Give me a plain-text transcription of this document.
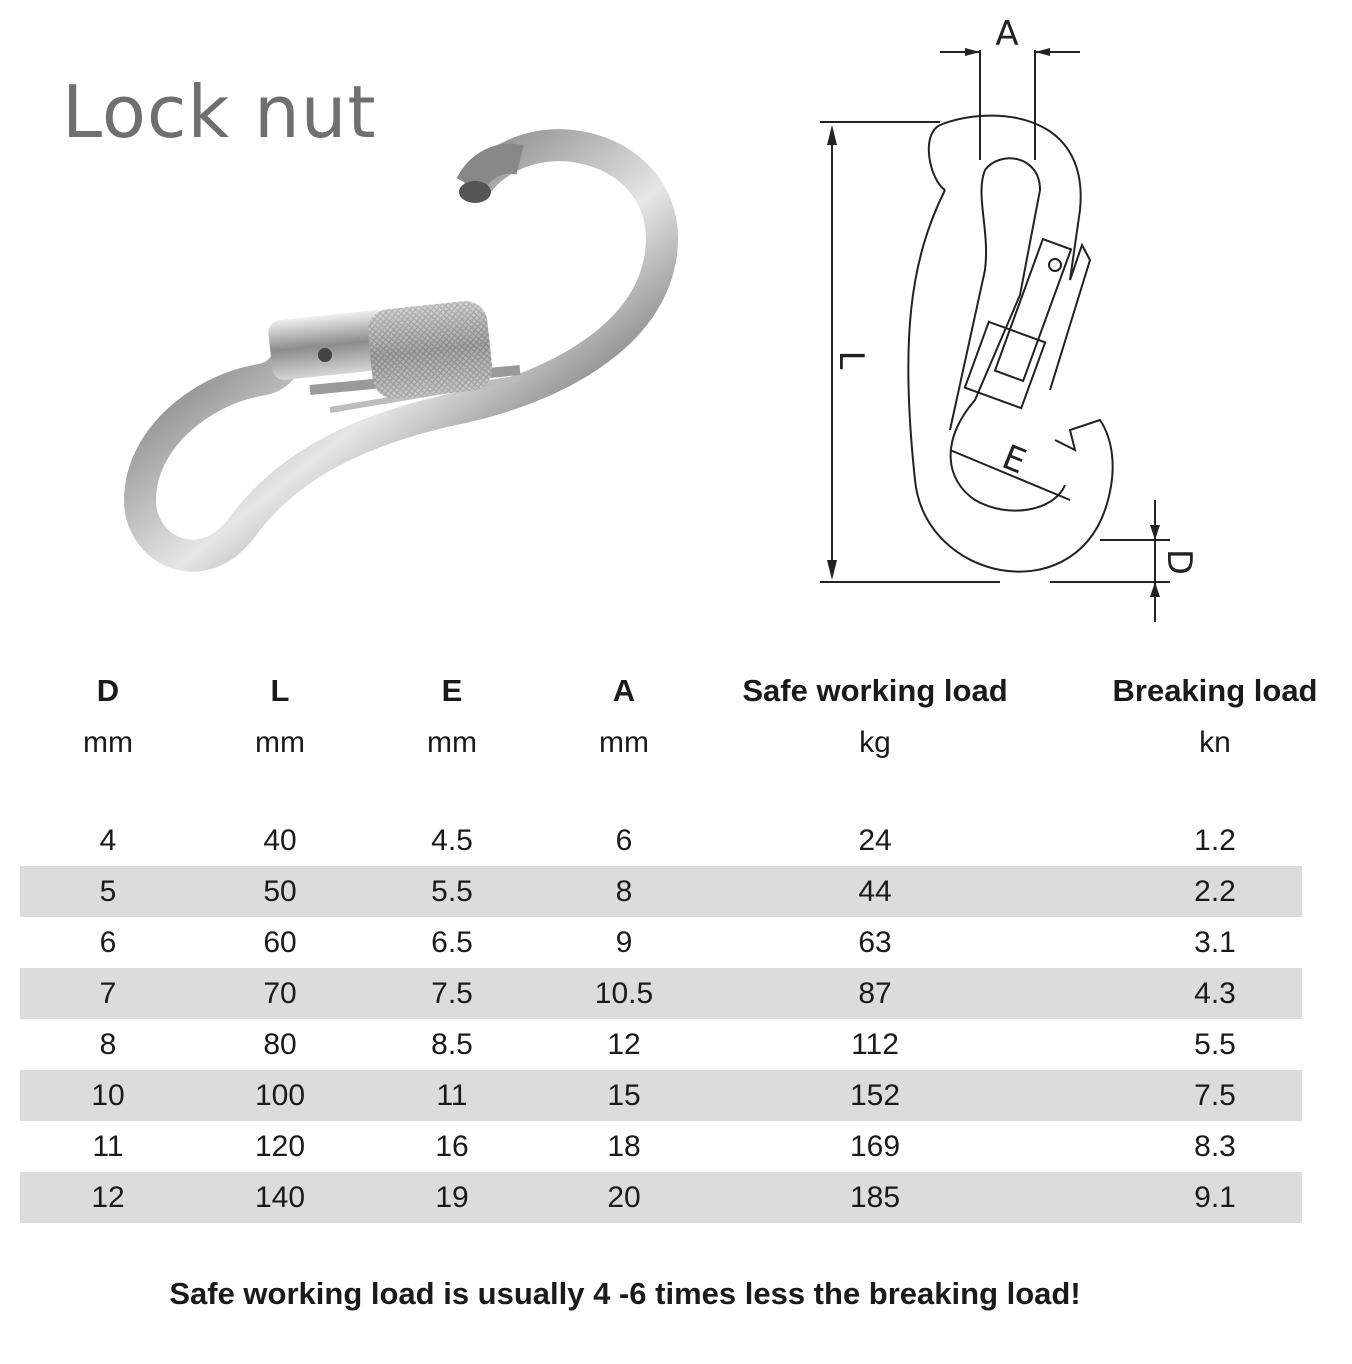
Lock nut
A
L
E
D
D	L	E	A	Safe working load	Breaking load
mm	mm	mm	mm	kg	kn
4	40	4.5	6	24	1.2
5	50	5.5	8	44	2.2
6	60	6.5	9	63	3.1
7	70	7.5	10.5	87	4.3
8	80	8.5	12	112	5.5
10	100	11	15	152	7.5
11	120	16	18	169	8.3
12	140	19	20	185	9.1
Safe working load is usually 4 -6 times less the breaking load!
